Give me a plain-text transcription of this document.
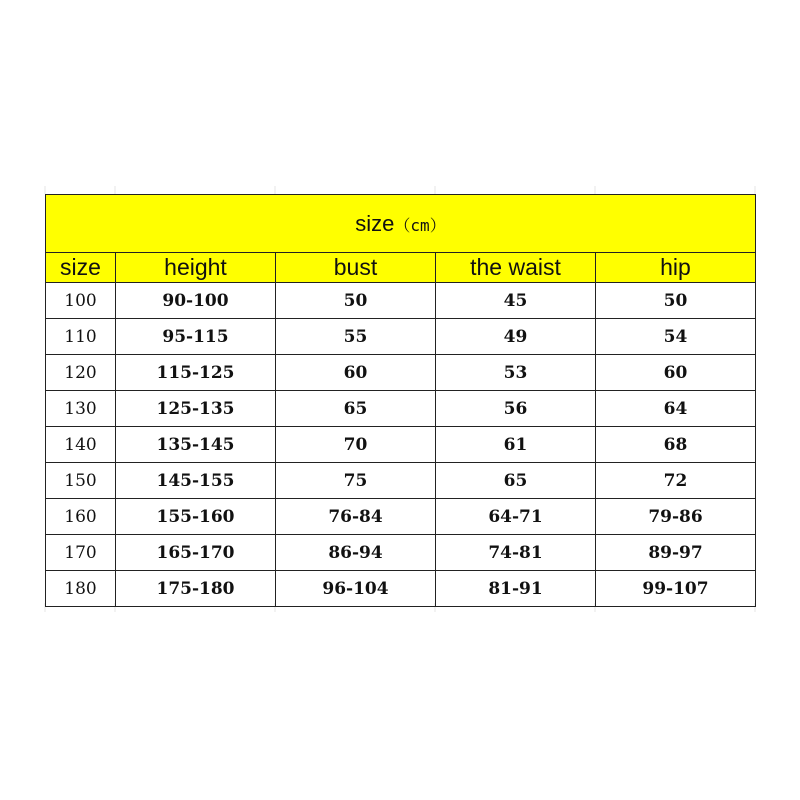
size（cm）				
size	height	bust	the waist	hip
100	90-100	50	45	50
110	95-115	55	49	54
120	115-125	60	53	60
130	125-135	65	56	64
140	135-145	70	61	68
150	145-155	75	65	72
160	155-160	76-84	64-71	79-86
170	165-170	86-94	74-81	89-97
180	175-180	96-104	81-91	99-107
